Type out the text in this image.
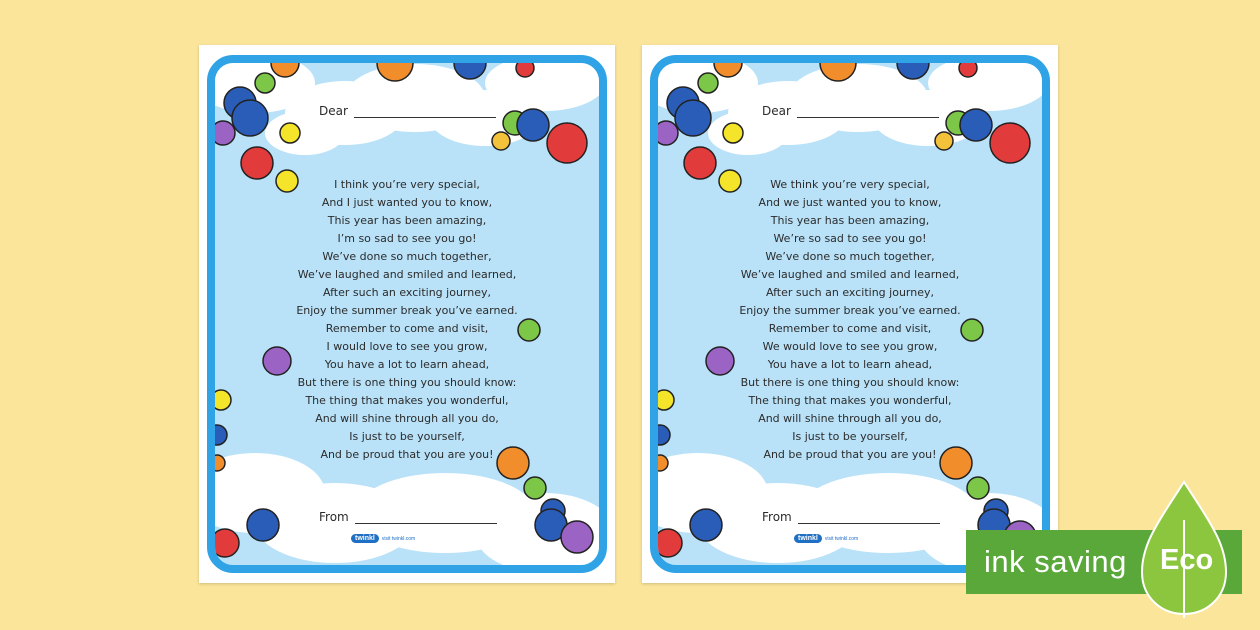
Dear
I think you’re very special,
And I just wanted you to know,
This year has been amazing,
I’m so sad to see you go!
We’ve done so much together,
We’ve laughed and smiled and learned,
After such an exciting journey,
Enjoy the summer break you’ve earned.
Remember to come and visit,
I would love to see you grow,
You have a lot to learn ahead,
But there is one thing you should know:
The thing that makes you wonderful,
And will shine through all you do,
Is just to be yourself,
And be proud that you are you!
From
twinkl	visit twinkl.com
Dear
We think you’re very special,
And we just wanted you to know,
This year has been amazing,
We’re so sad to see you go!
We’ve done so much together,
We’ve laughed and smiled and learned,
After such an exciting journey,
Enjoy the summer break you’ve earned.
Remember to come and visit,
We would love to see you grow,
You have a lot to learn ahead,
But there is one thing you should know:
The thing that makes you wonderful,
And will shine through all you do,
Is just to be yourself,
And be proud that you are you!
From
twinkl	visit twinkl.com
ink saving Eco
